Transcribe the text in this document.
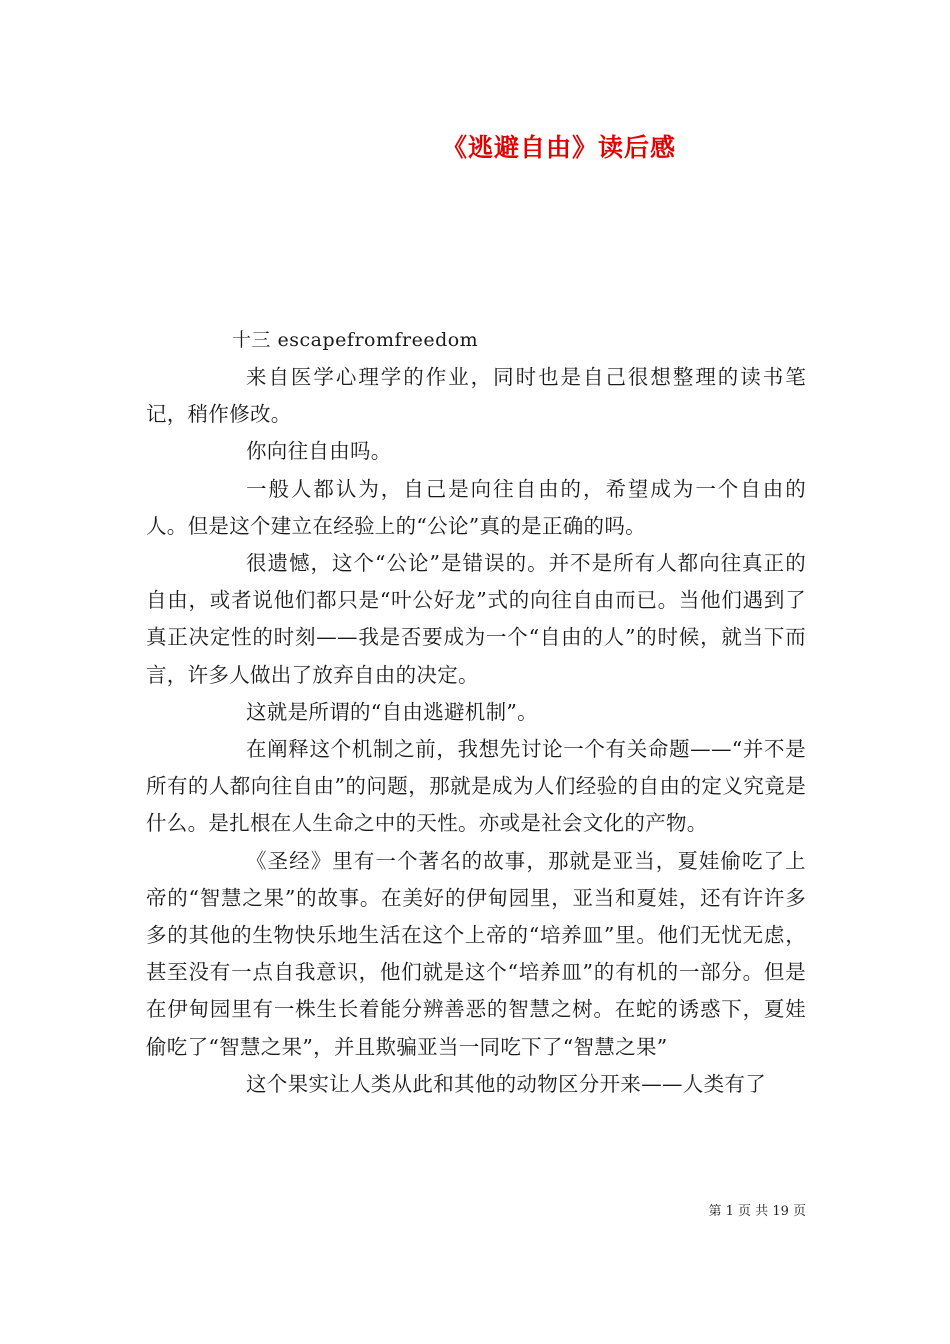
《逃避自由》读后感
十三 escapefromfreedom

来自医学心理学的作业，同时也是自己很想整理的读书笔记，稍作修改。

你向往自由吗。

一般人都认为，自己是向往自由的，希望成为一个自由的人。但是这个建立在经验上的“公论”真的是正确的吗。

很遗憾，这个“公论”是错误的。并不是所有人都向往真正的自由，或者说他们都只是“叶公好龙”式的向往自由而已。当他们遇到了真正决定性的时刻——我是否要成为一个“自由的人”的时候，就当下而言，许多人做出了放弃自由的决定。

这就是所谓的“自由逃避机制”。

在阐释这个机制之前，我想先讨论一个有关命题——“并不是所有的人都向往自由”的问题，那就是成为人们经验的自由的定义究竟是什么。是扎根在人生命之中的天性。亦或是社会文化的产物。

《圣经》里有一个著名的故事，那就是亚当，夏娃偷吃了上帝的“智慧之果”的故事。在美好的伊甸园里，亚当和夏娃，还有许许多多的其他的生物快乐地生活在这个上帝的“培养皿”里。他们无忧无虑，甚至没有一点自我意识，他们就是这个“培养皿”的有机的一部分。但是在伊甸园里有一株生长着能分辨善恶的智慧之树。在蛇的诱惑下，夏娃偷吃了“智慧之果”，并且欺骗亚当一同吃下了“智慧之果”

这个果实让人类从此和其他的动物区分开来——人类有了

第 1 页 共 19 页
